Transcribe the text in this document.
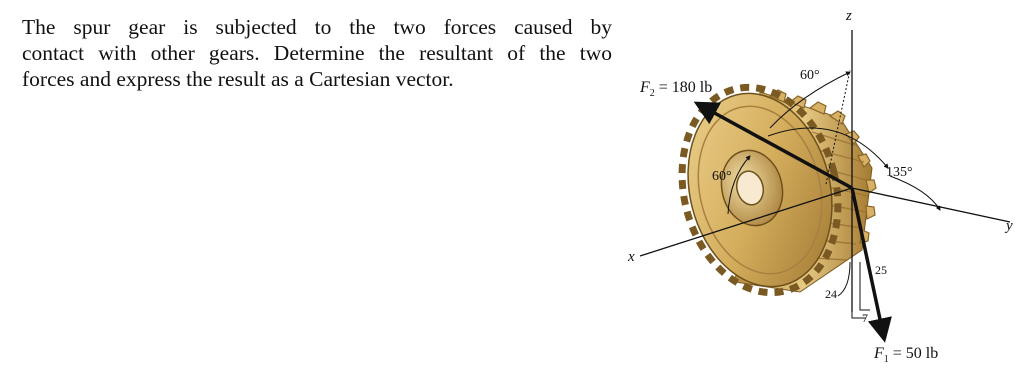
The spur gear is subjected to the two forces caused by
contact with other gears. Determine the resultant of the two
forces and express the result as a Cartesian vector.

z
x
y
$F_2 = 180$ lb
$F_1 = 50$ lb
60°
60°	135°
24
25
7
